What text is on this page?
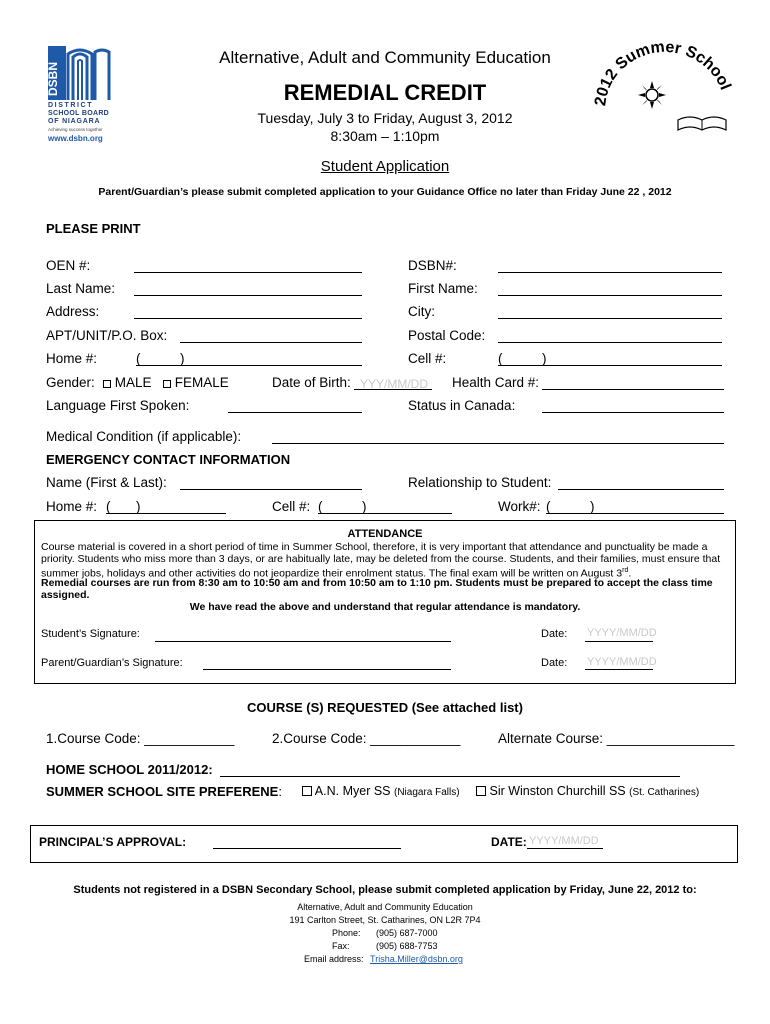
DSBN
DISTRICT
SCHOOL BOARD
OF NIAGARA
Achieving success together
www.dsbn.org
2012 Summer School
Alternative, Adult and Community Education
REMEDIAL CREDIT
Tuesday, July 3 to Friday, August 3, 2012
8:30am – 1:10pm
Student Application
Parent/Guardian’s please submit completed application to your Guidance Office no later than Friday June 22 , 2012
PLEASE PRINT
OEN #:	DSBN#:
Last Name:	First Name:
Address:	City:
APT/UNIT/P.O. Box:	Postal Code:
Home #:	(	)	Cell #:	(	)
Gender:	MALE	FEMALE	Date of Birth: YYY/MM/DD Health Card #:
Language First Spoken:	Status in Canada:
Medical Condition (if applicable):
EMERGENCY CONTACT INFORMATION
Name (First & Last):	Relationship to Student:
Home #: ( )	Cell #: (	)	Work#: (	)
ATTENDANCE
Course material is covered in a short period of time in Summer School, therefore, it is very important that attendance and punctuality be made a priority. Students who miss more than 3 days, or are habitually late, may be deleted from the course. Students, and their families, must ensure that summer jobs, holidays and other activities do not jeopardize their enrolment status. The final exam will be written on August 3rd.
Remedial courses are run from 8:30 am to 10:50 am and from 10:50 am to 1:10 pm. Students must be prepared to accept the class time assigned.
We have read the above and understand that regular attendance is mandatory.
Student’s Signature:	Date: YYYY/MM/DD
Parent/Guardian’s Signature:	Date: YYYY/MM/DD
COURSE (S) REQUESTED (See attached list)
1.Course Code: ____________	2.Course Code: ____________	Alternate Course: _________________
HOME SCHOOL 2011/2012:
SUMMER SCHOOL SITE PREFERENE:	A.N. Myer SS (Niagara Falls)	Sir Winston Churchill SS (St. Catharines)
PRINCIPAL’S APPROVAL:	DATE: YYYY/MM/DD
Students not registered in a DSBN Secondary School, please submit completed application by Friday, June 22, 2012 to:
Alternative, Adult and Community Education
191 Carlton Street, St. Catharines, ON L2R 7P4
Phone: (905) 687-7000
Fax:	(905) 688-7753
Email address: Trisha.Miller@dsbn.org
